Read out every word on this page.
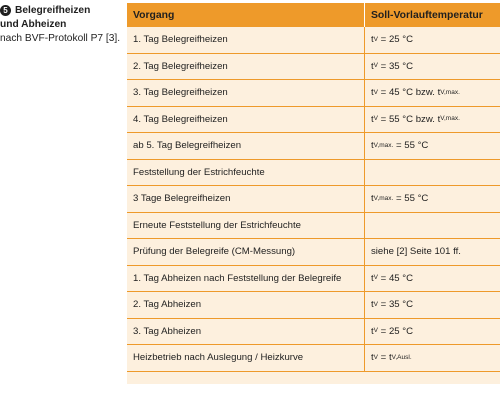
5 Belegreifheizen
und Abheizen
nach BVF-Protokoll P7 [3].
Vorgang	Soll-Vorlauftemperatur
1. Tag Belegreifheizen	t V = 25 °C
2. Tag Belegreifheizen	t V = 35 °C
3. Tag Belegreifheizen	t V = 45 °C bzw. t V,max.
4. Tag Belegreifheizen	t V = 55 °C bzw. t V,max.
ab 5. Tag Belegreifheizen	t V,max. = 55 °C
Feststellung der Estrichfeuchte
3 Tage Belegreifheizen	t V,max. = 55 °C
Erneute Feststellung der Estrichfeuchte
Prüfung der Belegreife (CM-Messung)	siehe [2] Seite 101 ff.
1. Tag Abheizen nach Feststellung der Belegreife	t V = 45 °C
2. Tag Abheizen	t V = 35 °C
3. Tag Abheizen	t V = 25 °C
Heizbetrieb nach Auslegung / Heizkurve	t V = t V,Ausl.
